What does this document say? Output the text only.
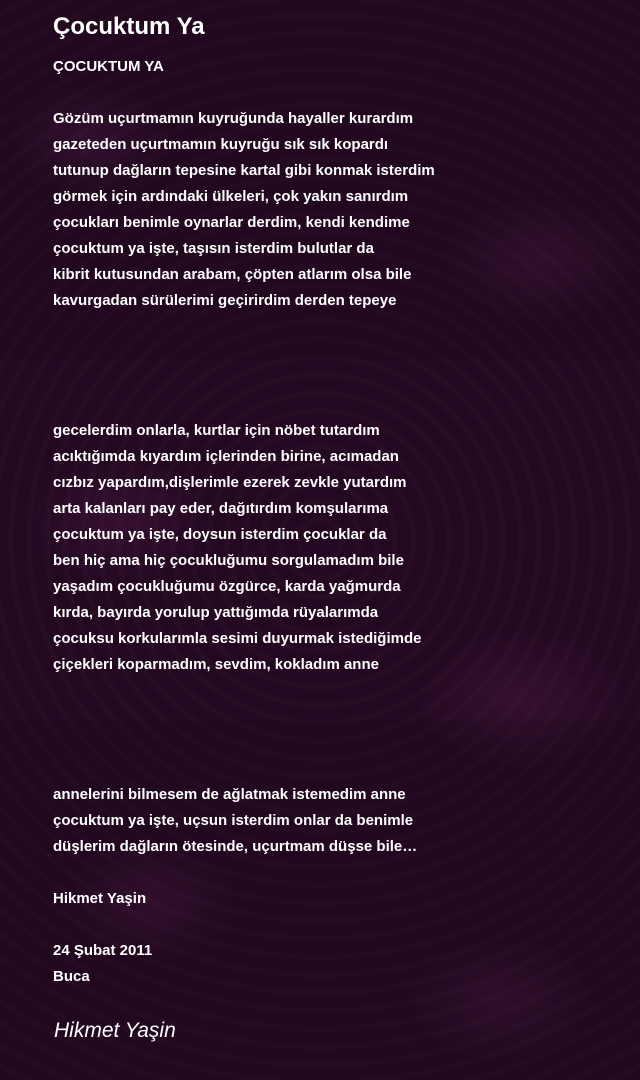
Çocuktum Ya
ÇOCUKTUM YA
Gözüm uçurtmamın kuyruğunda hayaller kurardım
gazeteden uçurtmamın kuyruğu sık sık kopardı
tutunup dağların tepesine kartal gibi konmak isterdim
görmek için ardındaki ülkeleri, çok yakın sanırdım
çocukları benimle oynarlar derdim, kendi kendime
çocuktum ya işte, taşısın isterdim bulutlar da
kibrit kutusundan arabam, çöpten atlarım olsa bile
kavurgadan sürülerimi geçirirdim derden tepeye
gecelerdim onlarla, kurtlar için nöbet tutardım
acıktığımda kıyardım içlerinden birine, acımadan
cızbız yapardım,dişlerimle ezerek zevkle yutardım
arta kalanları pay eder, dağıtırdım komşularıma
çocuktum ya işte, doysun isterdim çocuklar da
ben hiç ama hiç çocukluğumu sorgulamadım bile
yaşadım çocukluğumu özgürce, karda yağmurda
kırda, bayırda yorulup yattığımda rüyalarımda
çocuksu korkularımla sesimi duyurmak istediğimde
çiçekleri koparmadım, sevdim, kokladım anne
annelerini bilmesem de ağlatmak istemedim anne
çocuktum ya işte, uçsun isterdim onlar da benimle
düşlerim dağların ötesinde, uçurtmam düşse bile…
Hikmet Yaşin
24 Şubat 2011
Buca
Hikmet Yaşin
